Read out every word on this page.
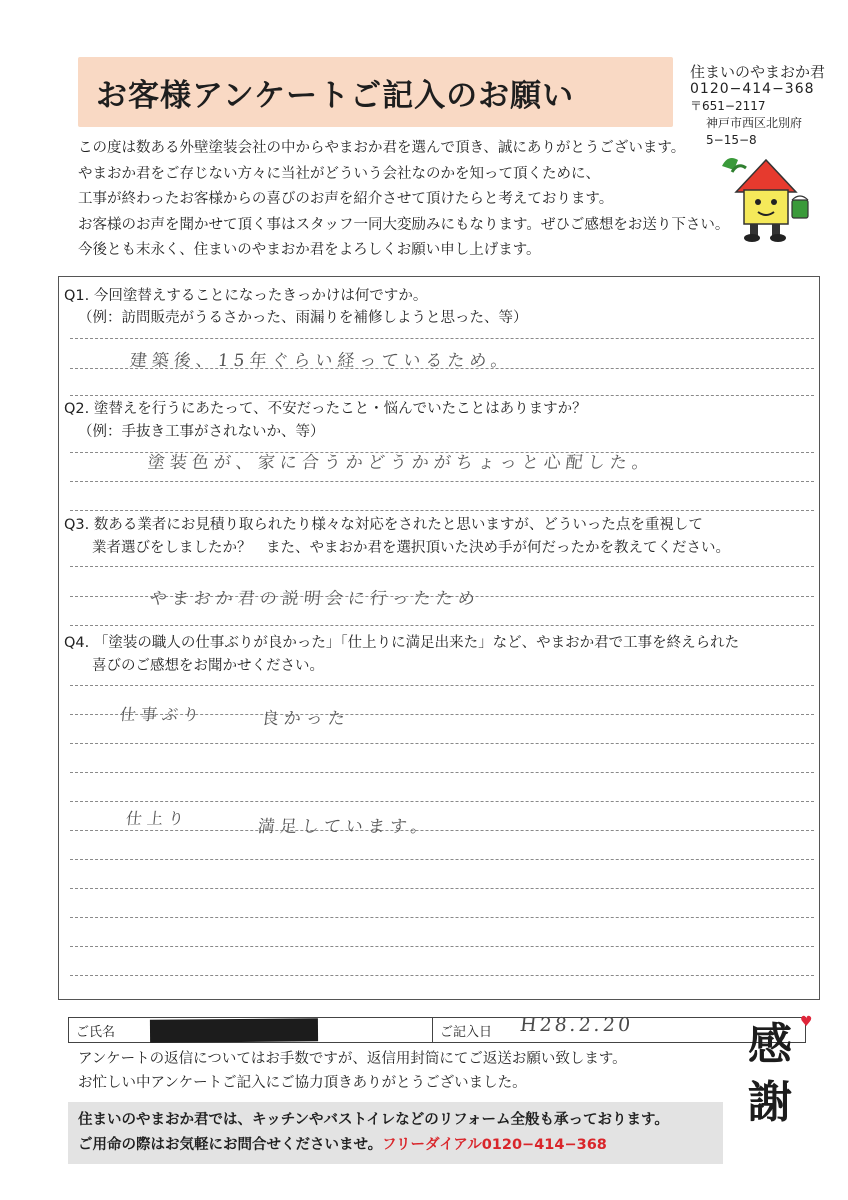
お客様アンケートご記入のお願い
住まいのやまおか君
0120−414−368
〒651−2117
神戸市西区北別府
5−15−8
この度は数ある外壁塗装会社の中からやまおか君を選んで頂き、誠にありがとうございます。
やまおか君をご存じない方々に当社がどういう会社なのかを知って頂くために、
工事が終わったお客様からの喜びのお声を紹介させて頂けたらと考えております。
お客様のお声を聞かせて頂く事はスタッフ一同大変励みにもなります。ぜひご感想をお送り下さい。
今後とも末永く、住まいのやまおか君をよろしくお願い申し上げます。
Q1. 今回塗替えすることになったきっかけは何ですか。
（例：訪問販売がうるさかった、雨漏りを補修しようと思った、等）
建築後、15年ぐらい経っているため。
Q2. 塗替えを行うにあたって、不安だったこと・悩んでいたことはありますか？
（例：手抜き工事がされないか、等）
塗装色が、家に合うかどうかがちょっと心配した。
Q3. 数ある業者にお見積り取られたり様々な対応をされたと思いますが、どういった点を重視して
業者選びをしましたか？　また、やまおか君を選択頂いた決め手が何だったかを教えてください。
やまおか君の説明会に行ったため
Q4. 「塗装の職人の仕事ぶりが良かった」「仕上りに満足出来た」など、やまおか君で工事を終えられた
喜びのご感想をお聞かせください。
仕事ぶり	良かった
仕上り	満足しています。
ご氏名	ご記入日 H28.2.20
アンケートの返信についてはお手数ですが、返信用封筒にてご返送お願い致します。
お忙しい中アンケートご記入にご協力頂きありがとうございました。
感
謝
♥
住まいのやまおか君では、キッチンやバストイレなどのリフォーム全般も承っております。
ご用命の際はお気軽にお問合せくださいませ。フリーダイアル0120−414−368
